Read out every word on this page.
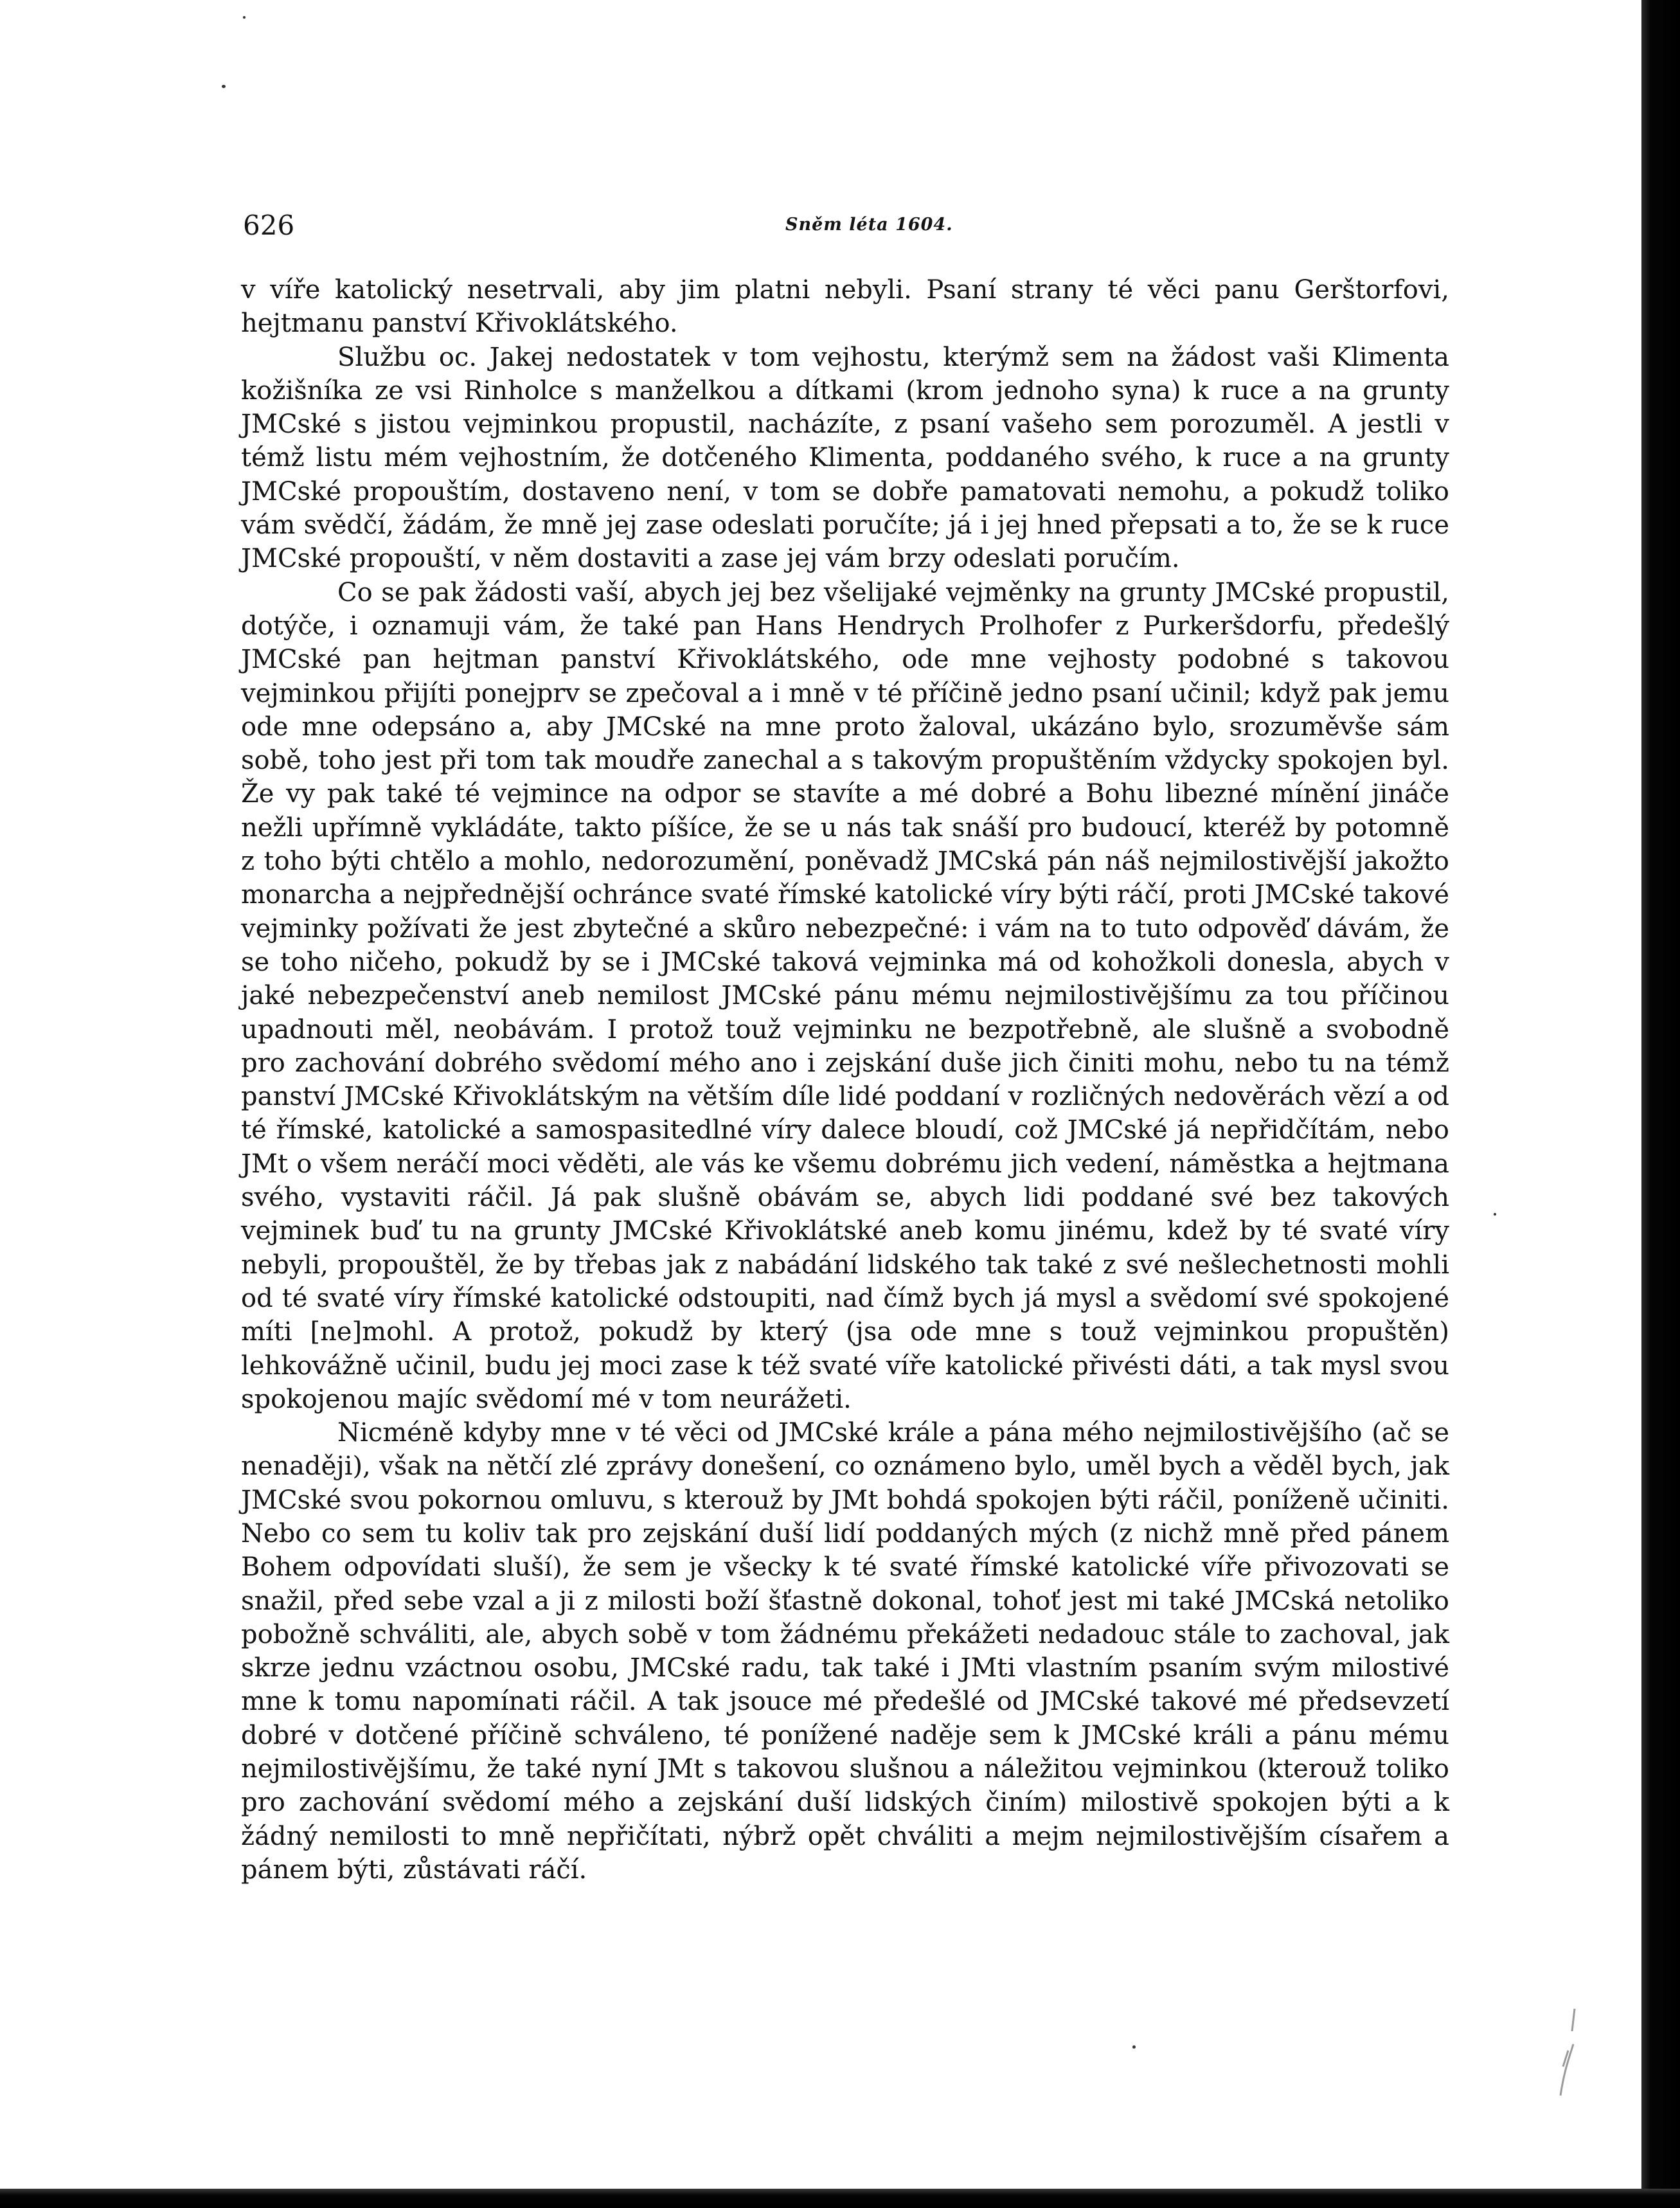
626	Sněm léta 1604.

v víře katolický nesetrvali, aby jim platni nebyli. Psaní strany té věci panu Gerštorfovi, hejtmanu panství Křivoklátského.

Službu oc. Jakej nedostatek v tom vejhostu, kterýmž sem na žádost vaši Klimenta kožišníka ze vsi Rinholce s manželkou a dítkami (krom jednoho syna) k ruce a na grunty JMCské s jistou vejminkou propustil, nacházíte, z psaní vašeho sem porozuměl. A jestli v témž listu mém vejhostním, že dotčeného Klimenta, poddaného svého, k ruce a na grunty JMCské propouštím, dostaveno není, v tom se dobře pamatovati nemohu, a pokudž toliko vám svědčí, žádám, že mně jej zase odeslati poručíte; já i jej hned přepsati a to, že se k ruce JMCské propouští, v něm dostaviti a zase jej vám brzy odeslati poručím.

Co se pak žádosti vaší, abych jej bez všelijaké vejměnky na grunty JMCské propustil, dotýče, i oznamuji vám, že také pan Hans Hendrych Prolhofer z Purkeršdorfu, předešlý JMCské pan hejtman panství Křivoklátského, ode mne vejhosty podobné s takovou vejminkou přijíti ponejprv se zpečoval a i mně v té příčině jedno psaní učinil; když pak jemu ode mne odepsáno a, aby JMCské na mne proto žaloval, ukázáno bylo, srozuměvše sám sobě, toho jest při tom tak moudře zanechal a s takovým propuštěním vždycky spokojen byl. Že vy pak také té vejmince na odpor se stavíte a mé dobré a Bohu libezné mínění jináče nežli upřímně vykládáte, takto píšíce, že se u nás tak snáší pro budoucí, kteréž by potomně z toho býti chtělo a mohlo, nedorozumění, poněvadž JMCská pán náš nejmilostivější jakožto monarcha a nejpřednější ochránce svaté římské katolické víry býti ráčí, proti JMCské takové vejminky požívati že jest zbytečné a skůro nebezpečné: i vám na to tuto odpověď dávám, že se toho ničeho, pokudž by se i JMCské taková vejminka má od kohožkoli donesla, abych v jaké nebezpečenství aneb nemilost JMCské pánu mému nejmilostivějšímu za tou příčinou upadnouti měl, neobávám. I protož touž vejminku ne bezpotřebně, ale slušně a svobodně pro zachování dobrého svědomí mého ano i zejskání duše jich činiti mohu, nebo tu na témž panství JMCské Křivoklátským na větším díle lidé poddaní v rozličných nedověrách vězí a od té římské, katolické a samospasitedlné víry dalece bloudí, což JMCské já nepřidčítám, nebo JMt o všem neráčí moci věděti, ale vás ke všemu dobrému jich vedení, náměstka a hejtmana svého, vystaviti ráčil. Já pak slušně obávám se, abych lidi poddané své bez takových vejminek buď tu na grunty JMCské Křivoklátské aneb komu jinému, kdež by té svaté víry nebyli, propouštěl, že by třebas jak z nabádání lidského tak také z své nešlechetnosti mohli od té svaté víry římské katolické odstoupiti, nad čímž bych já mysl a svědomí své spokojené míti [ne]mohl. A protož, pokudž by který (jsa ode mne s touž vejminkou propuštěn) lehkovážně učinil, budu jej moci zase k též svaté víře katolické přivésti dáti, a tak mysl svou spokojenou majíc svědomí mé v tom neurážeti.

Nicméně kdyby mne v té věci od JMCské krále a pána mého nejmilostivějšího (ač se nenaději), však na nětčí zlé zprávy donešení, co oznámeno bylo, uměl bych a věděl bych, jak JMCské svou pokornou omluvu, s kterouž by JMt bohdá spokojen býti ráčil, poníženě učiniti. Nebo co sem tu koliv tak pro zejskání duší lidí poddaných mých (z nichž mně před pánem Bohem odpovídati sluší), že sem je všecky k té svaté římské katolické víře přivozovati se snažil, před sebe vzal a ji z milosti boží šťastně dokonal, tohoť jest mi také JMCská netoliko pobožně schváliti, ale, abych sobě v tom žádnému překážeti nedadouc stále to zachoval, jak skrze jednu vzáctnou osobu, JMCské radu, tak také i JMti vlastním psaním svým milostivé mne k tomu napomínati ráčil. A tak jsouce mé předešlé od JMCské takové mé předsevzetí dobré v dotčené příčině schváleno, té ponížené naděje sem k JMCské králi a pánu mému nejmilostivějšímu, že také nyní JMt s takovou slušnou a náležitou vejminkou (kterouž toliko pro zachování svědomí mého a zejskání duší lidských činím) milostivě spokojen býti a k žádný nemilosti to mně nepřičítati, nýbrž opět chváliti a mejm nejmilostivějším císařem a pánem býti, zůstávati ráčí.
